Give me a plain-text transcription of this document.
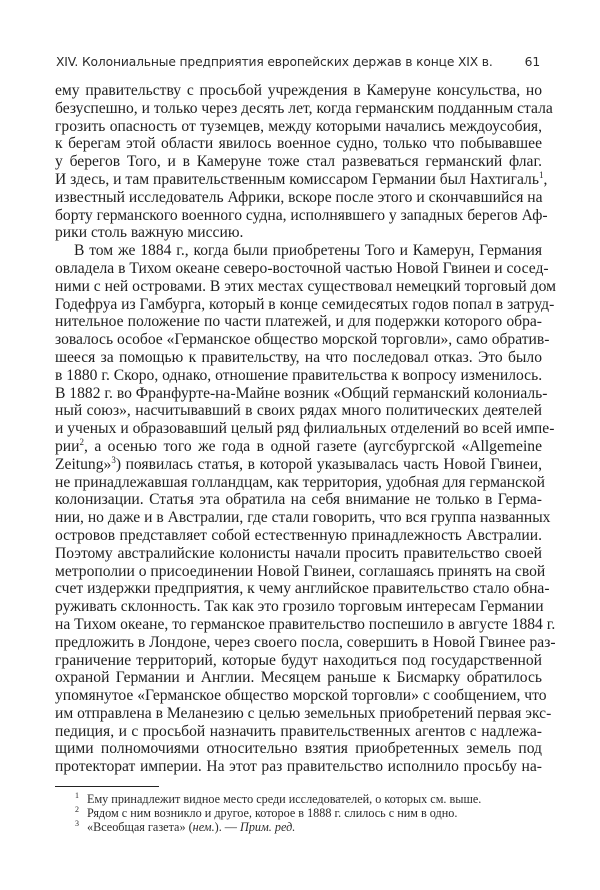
XIV. Колониальные предприятия европейских держав в конце XIX в.	61
ему правительству с просьбой учреждения в Камеруне консульства, но
безуспешно, и только через десять лет, когда германским подданным стала
грозить опасность от туземцев, между которыми начались междоусобия,
к берегам этой области явилось военное судно, только что побывавшее
у берегов Того, и в Камеруне тоже стал развеваться германский флаг.
И здесь, и там правительственным комиссаром Германии был Нахтигаль$^1$,
известный исследователь Африки, вскоре после этого и скончавшийся на
борту германского военного судна, исполнявшего у западных берегов Аф-
рики столь важную миссию.
В том же 1884 г., когда были приобретены Того и Камерун, Германия
овладела в Тихом океане северо-восточной частью Новой Гвинеи и сосед-
ними с ней островами. В этих местах существовал немецкий торговый дом
Годефруа из Гамбурга, который в конце семидесятых годов попал в затруд-
нительное положение по части платежей, и для подержки которого обра-
зовалось особое «Германское общество морской торговли», само обратив-
шееся за помощью к правительству, на что последовал отказ. Это было
в 1880 г. Скоро, однако, отношение правительства к вопросу изменилось.
В 1882 г. во Франфурте-на-Майне возник «Общий германский колониаль-
ный союз», насчитывавший в своих рядах много политических деятелей
и ученых и образовавший целый ряд филиальных отделений во всей импе-
рии$^2$, а осенью того же года в одной газете (аугсбургской «Allgemeine
Zeitung»$^3$) появилась статья, в которой указывалась часть Новой Гвинеи,
не принадлежавшая голландцам, как территория, удобная для германской
колонизации. Статья эта обратила на себя внимание не только в Герма-
нии, но даже и в Австралии, где стали говорить, что вся группа названных
островов представляет собой естественную принадлежность Австралии.
Поэтому австралийские колонисты начали просить правительство своей
метрополии о присоединении Новой Гвинеи, соглашаясь принять на свой
счет издержки предприятия, к чему английское правительство стало обна-
руживать склонность. Так как это грозило торговым интересам Германии
на Тихом океане, то германское правительство поспешило в августе 1884 г.
предложить в Лондоне, через своего посла, совершить в Новой Гвинее раз-
граничение территорий, которые будут находиться под государственной
охраной Германии и Англии. Месяцем раньше к Бисмарку обратилось
упомянутое «Германское общество морской торговли» с сообщением, что
им отправлена в Меланезию с целью земельных приобретений первая экс-
педиция, и с просьбой назначить правительственных агентов с надлежа-
щими полномочиями относительно взятия приобретенных земель под
протекторат империи. На этот раз правительство исполнило просьбу на-
1 Ему принадлежит видное место среди исследователей, о которых см. выше.
2 Рядом с ним возникло и другое, которое в 1888 г. слилось с ним в одно.
3 «Всеобщая газета» (нем.). — Прим. ред.
